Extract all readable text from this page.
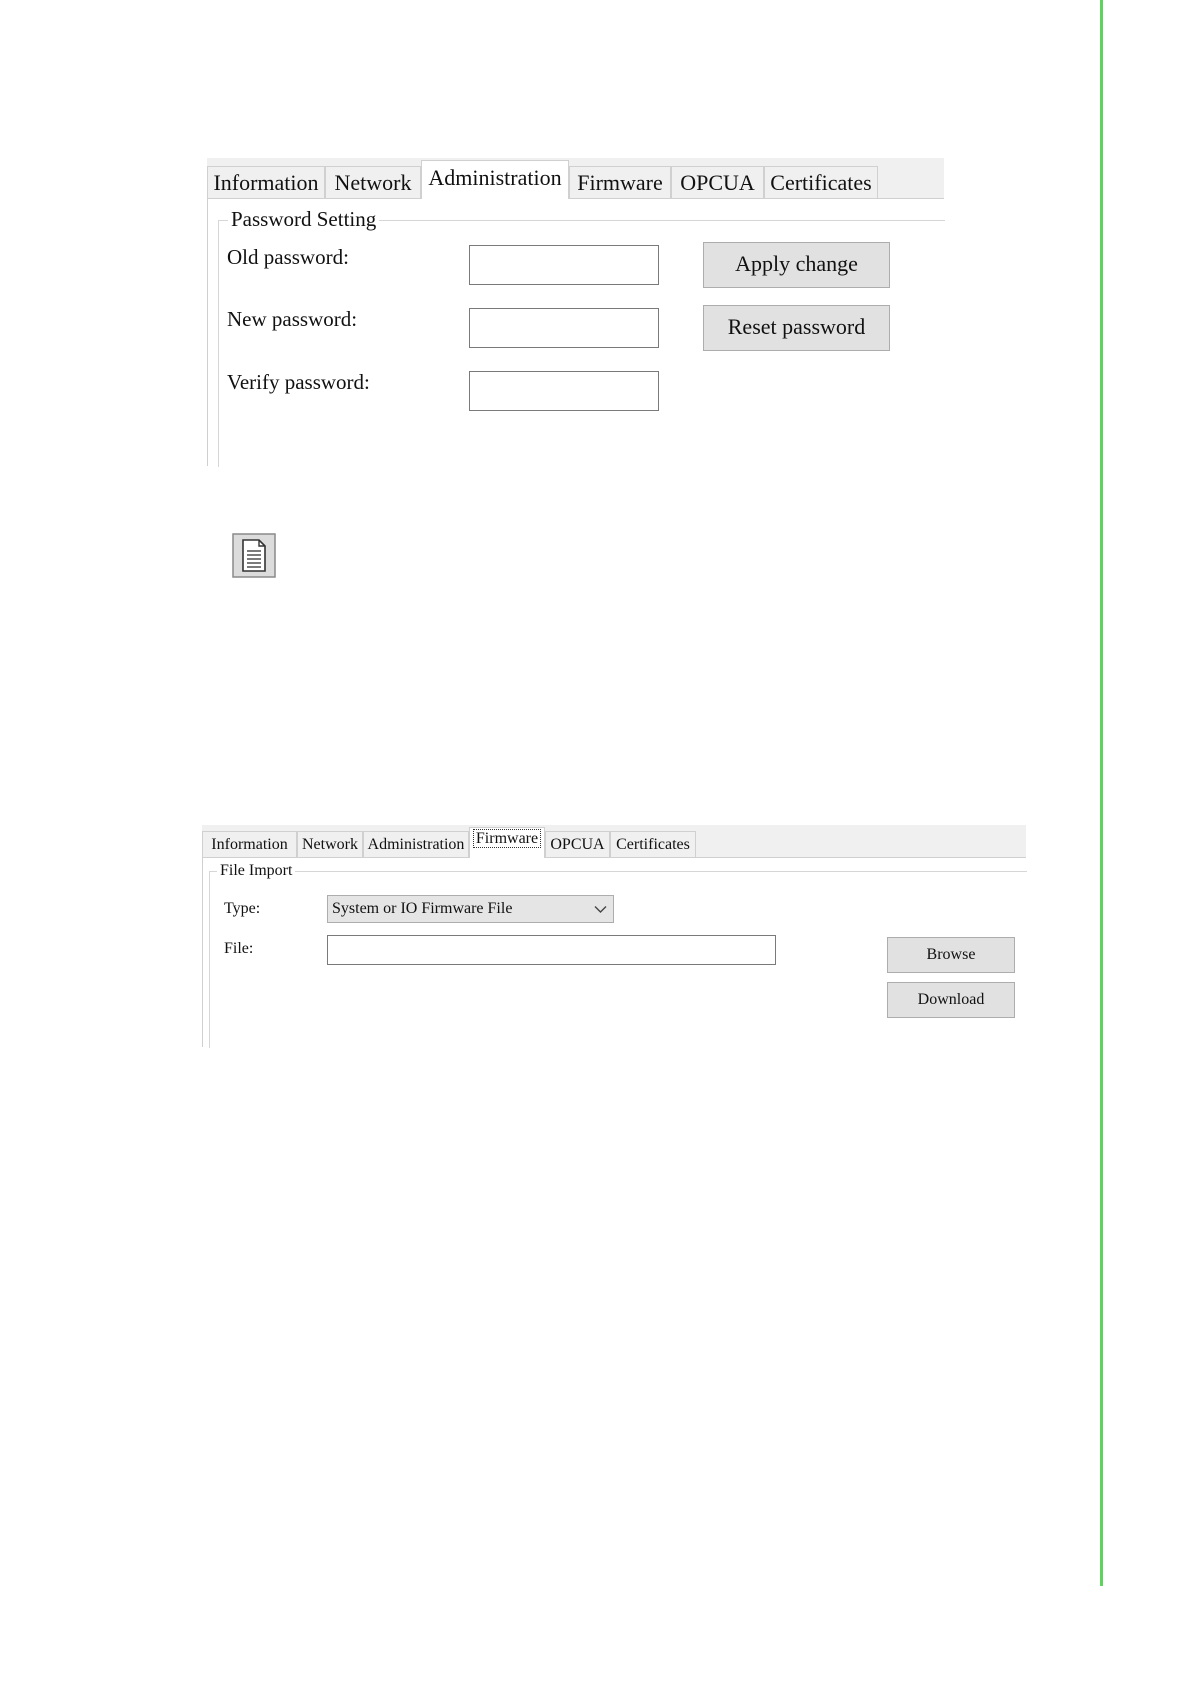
Information Network Administration Firmware OPCUA Certificates
Password Setting
Old password:
New password:
Verify password:
Apply change
Reset password
Information Network Administration Firmware OPCUA Certificates
File Import
Type:	System or IO Firmware File
File:	Browse
Download
